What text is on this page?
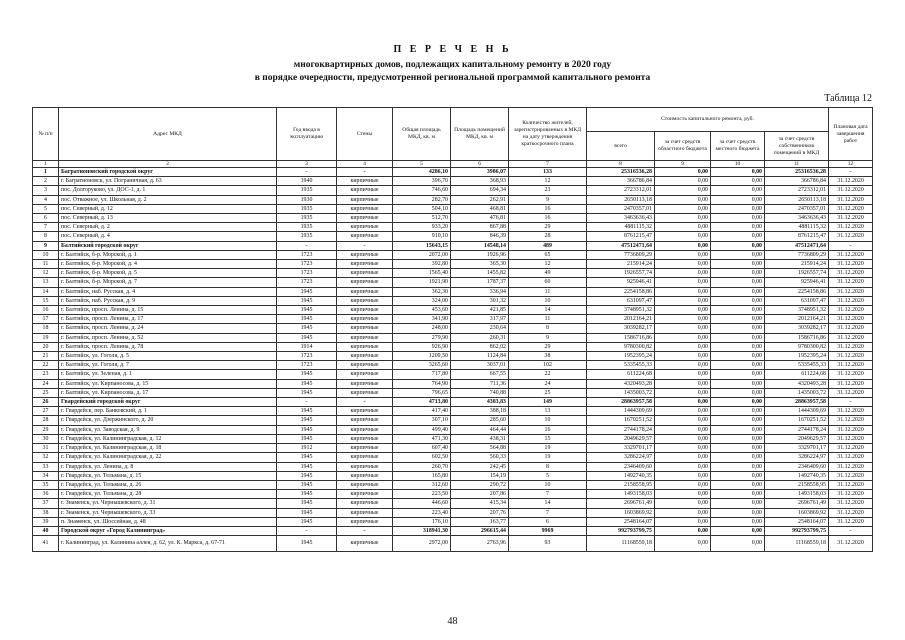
П Е Р Е Ч Е Н Ь
многоквартирных домов, подлежащих капитальному ремонту в 2020 году
в порядке очередности, предусмотренной региональной программой капитального ремонта
Таблица 12
№ п/п	Адрес МКД	Год ввода в эксплуатацию	Стены	Общая площадь МКД, кв. м	Площадь помещений МКД, кв. м	Количество жителей, зарегистрированных в МКД на дату утверждения краткосрочного плана	Стоимость капитального ремонта, руб.				Плановая дата завершения работ
							всего	за счет средств областного бюджета	за счет средств местного бюджета	за счет средств собственников помещений в МКД	
1	2	3	4	5	6	7	8	9	10	11	12
1	Багратионовский городской округ	-	-	4286,10	3986,07	133	25316536,28	0,00	0,00	25316536,28	-
2	г. Багратионовск, ул. Пограничная, д. 63	1940	кирпичные	396,70	368,93	12	366786,84	0,00	0,00	366786,84	31.12.2020
3	пос. Долгоруково, ул. ДОС-1, д. 1	1935	кирпичные	746,60	694,34	23	2723312,01	0,00	0,00	2723312,01	31.12.2020
4	пос. Отважное, ул. Школьная, д. 2	1930	кирпичные	282,70	262,91	9	2650113,18	0,00	0,00	2650113,18	31.12.2020
5	пос. Северный, д. 12	1935	кирпичные	504,10	468,81	16	2470357,01	0,00	0,00	2470357,01	31.12.2020
6	пос. Северный, д. 13	1935	кирпичные	512,70	476,81	16	3463636,43	0,00	0,00	3463636,43	31.12.2020
7	пос. Северный, д. 2	1935	кирпичные	933,20	867,88	29	4881115,32	0,00	0,00	4881115,32	31.12.2020
8	пос. Северный, д. 4	1935	кирпичные	910,10	846,39	28	8761215,47	0,00	0,00	8761215,47	31.12.2020
9	Балтийский городской округ	-	-	15643,15	14548,14	489	47512471,64	0,00	0,00	47512471,64	-
10	г. Балтийск, б-р. Морской, д. 1	1723	кирпичные	2072,00	1926,96	65	7736809,29	0,00	0,00	7736809,29	31.12.2020
11	г. Балтийск, б-р. Морской, д. 4	1723	кирпичные	392,80	365,30	12	215914,24	0,00	0,00	215914,24	31.12.2020
12	г. Балтийск, б-р. Морской, д. 5	1723	кирпичные	1565,40	1455,82	49	1926557,74	0,00	0,00	1926557,74	31.12.2020
13	г. Балтийск, б-р. Морской, д. 7	1723	кирпичные	1921,90	1787,37	60	925946,41	0,00	0,00	925946,41	31.12.2020
14	г. Балтийск, наб. Русская, д. 4	1945	кирпичные	362,30	336,94	11	2254158,86	0,00	0,00	2254158,86	31.12.2020
15	г. Балтийск, наб. Русская, д. 9	1945	кирпичные	324,00	301,32	10	631097,47	0,00	0,00	631097,47	31.12.2020
16	г. Балтийск, просп. Ленина, д. 15	1945	кирпичные	453,60	421,85	14	3748951,32	0,00	0,00	3748951,32	31.12.2020
17	г. Балтийск, просп. Ленина, д. 17	1945	кирпичные	341,90	317,97	11	2012164,21	0,00	0,00	2012164,21	31.12.2020
18	г. Балтийск, просп. Ленина, д. 24	1945	кирпичные	248,00	230,64	8	3039282,17	0,00	0,00	3039282,17	31.12.2020
19	г. Балтийск, просп. Ленина, д. 52	1945	кирпичные	279,90	260,31	9	1586716,86	0,00	0,00	1586716,86	31.12.2020
20	г. Балтийск, просп. Ленина, д. 78	1914	кирпичные	926,90	862,02	29	9780300,82	0,00	0,00	9780300,82	31.12.2020
21	г. Балтийск, ул. Гоголя, д. 5	1723	кирпичные	1209,50	1124,84	38	1952395,24	0,00	0,00	1952395,24	31.12.2020
22	г. Балтийск, ул. Гоголя, д. 7	1723	кирпичные	3265,60	3037,01	102	5335455,33	0,00	0,00	5335455,33	31.12.2020
23	г. Балтийск, ул. Зеленая, д. 1	1945	кирпичные	717,80	667,55	22	611224,68	0,00	0,00	611224,68	31.12.2020
24	г. Балтийск, ул. Кирпаносова, д. 15	1945	кирпичные	764,90	711,36	24	4320493,28	0,00	0,00	4320493,28	31.12.2020
25	г. Балтийск, ул. Кирпаносова, д. 17	1945	кирпичные	796,65	740,88	25	1435003,72	0,00	0,00	1435003,72	31.12.2020
26	Гвардейский городской округ	-	-	4713,80	4383,83	149	28863957,58	0,00	0,00	28863957,58	-
27	г. Гвардейск, пер. Банковский, д. 1	1945	кирпичные	417,40	388,18	13	1444309,69	0,00	0,00	1444309,69	31.12.2020
28	г. Гвардейск, ул. Дзержинского, д. 20	1945	кирпичные	307,10	285,60	10	1670251,52	0,00	0,00	1670251,52	31.12.2020
29	г. Гвардейск, ул. Заводская, д. 9	1945	кирпичные	499,40	464,44	16	2744178,24	0,00	0,00	2744178,24	31.12.2020
30	г. Гвардейск, ул. Калининградская, д. 12	1945	кирпичные	471,30	438,31	15	2049629,57	0,00	0,00	2049629,57	31.12.2020
31	г. Гвардейск, ул. Калининградская, д. 18	1912	кирпичные	607,40	564,88	19	3329701,17	0,00	0,00	3329701,17	31.12.2020
32	г. Гвардейск, ул. Калининградская, д. 22	1945	кирпичные	602,50	560,33	19	3286224,97	0,00	0,00	3286224,97	31.12.2020
33	г. Гвардейск, ул. Ленина, д. 8	1945	кирпичные	260,70	242,45	8	2346409,60	0,00	0,00	2346409,60	31.12.2020
34	г. Гвардейск, ул. Тельмана, д. 15	1945	кирпичные	165,80	154,19	5	1492740,35	0,00	0,00	1492740,35	31.12.2020
35	г. Гвардейск, ул. Тельмана, д. 26	1945	кирпичные	312,60	290,72	10	2158558,95	0,00	0,00	2158558,95	31.12.2020
36	г. Гвардейск, ул. Тельмана, д. 28	1945	кирпичные	223,50	207,86	7	1493158,03	0,00	0,00	1493158,03	31.12.2020
37	г. Знаменск, ул. Чернышевского, д. 31	1945	кирпичные	446,60	415,34	14	2696761,49	0,00	0,00	2696761,49	31.12.2020
38	г. Знаменск, ул. Чернышевского, д. 33	1945	кирпичные	223,40	207,76	7	1603869,92	0,00	0,00	1603869,92	31.12.2020
39	п. Знаменск, ул. Шоссейная, д. 48	1945	кирпичные	176,10	163,77	6	2548164,07	0,00	0,00	2548164,07	31.12.2020
40	Городской округ «Город Калининград»	-	-	318941,30	296615,44	9969	992793799,75	0,00	0,00	992793799,75	-
41	г. Калининград, ул. Калинина аллея, д. 62, ул. К. Маркса, д. 67-71	1945	кирпичные	2972,00	2763,96	93	11168559,18	0,00	0,00	11168559,18	31.12.2020
48
